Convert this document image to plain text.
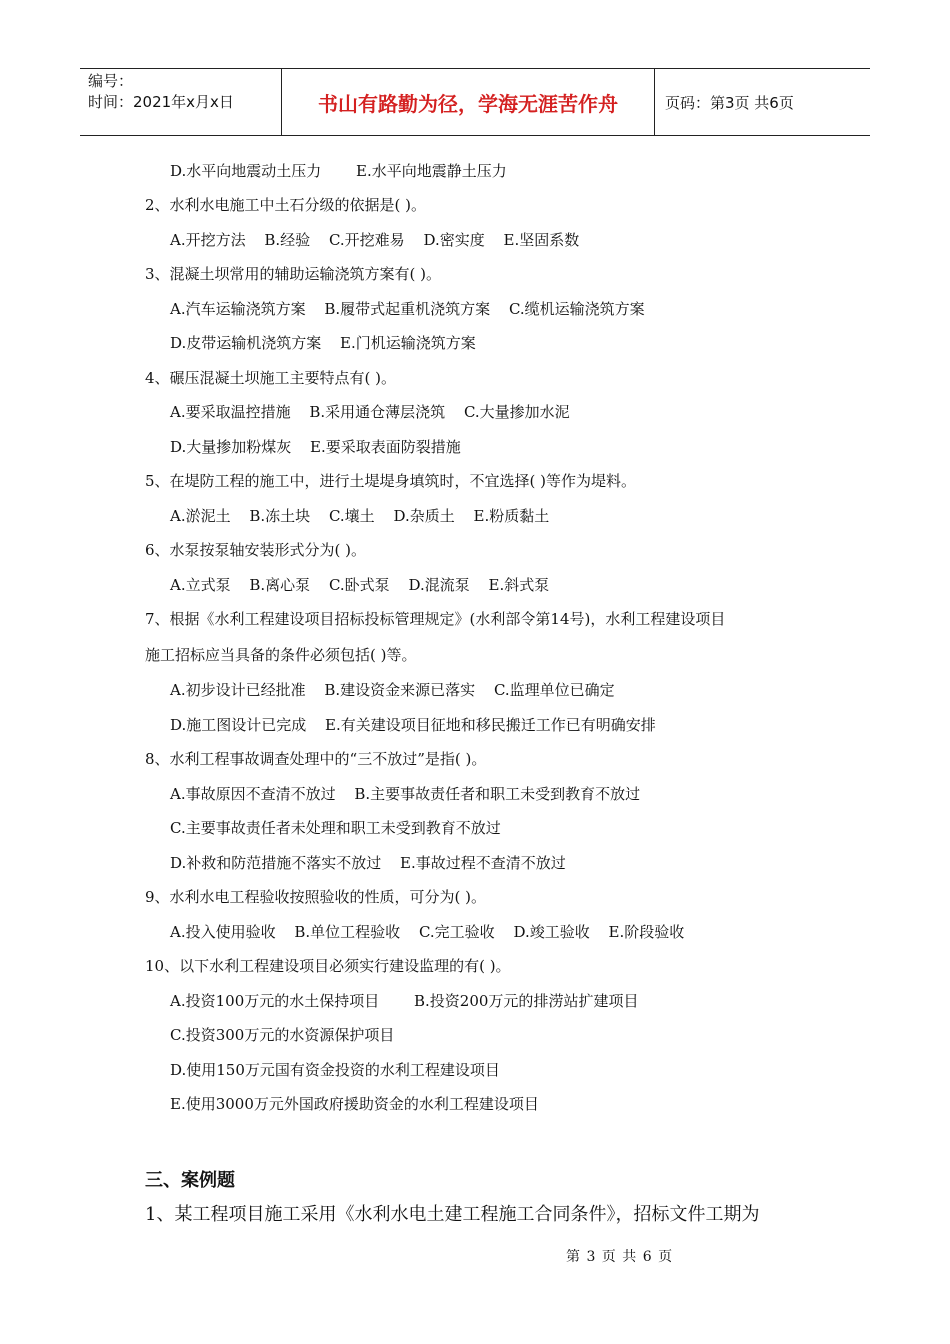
编号：
时间：2021年x月x日	书山有路勤为径，学海无涯苦作舟	页码：第3页 共6页
D.水平向地震动土压力 E.水平向地震静土压力
2、水利水电施工中土石分级的依据是( )。
A.开挖方法 B.经验 C.开挖难易 D.密实度 E.坚固系数
3、混凝土坝常用的辅助运输浇筑方案有( )。
A.汽车运输浇筑方案 B.履带式起重机浇筑方案 C.缆机运输浇筑方案
D.皮带运输机浇筑方案 E.门机运输浇筑方案
4、碾压混凝土坝施工主要特点有( )。
A.要采取温控措施 B.采用通仓薄层浇筑 C.大量掺加水泥
D.大量掺加粉煤灰 E.要采取表面防裂措施
5、在堤防工程的施工中，进行土堤堤身填筑时，不宜选择( )等作为堤料。
A.淤泥土 B.冻土块 C.壤土 D.杂质土 E.粉质黏土
6、水泵按泵轴安装形式分为( )。
A.立式泵 B.离心泵 C.卧式泵 D.混流泵 E.斜式泵
7、根据《水利工程建设项目招标投标管理规定》(水利部令第14号)，水利工程建设项目
施工招标应当具备的条件必须包括( )等。
A.初步设计已经批准 B.建设资金来源已落实 C.监理单位已确定
D.施工图设计已完成 E.有关建设项目征地和移民搬迁工作已有明确安排
8、水利工程事故调查处理中的“三不放过”是指( )。
A.事故原因不查清不放过 B.主要事故责任者和职工未受到教育不放过
C.主要事故责任者未处理和职工未受到教育不放过
D.补救和防范措施不落实不放过 E.事故过程不查清不放过
9、水利水电工程验收按照验收的性质，可分为( )。
A.投入使用验收 B.单位工程验收 C.完工验收 D.竣工验收 E.阶段验收
10、以下水利工程建设项目必须实行建设监理的有( )。
A.投资100万元的水土保持项目 B.投资200万元的排涝站扩建项目
C.投资300万元的水资源保护项目
D.使用150万元国有资金投资的水利工程建设项目
E.使用3000万元外国政府援助资金的水利工程建设项目
三、案例题
1、某工程项目施工采用《水利水电土建工程施工合同条件》，招标文件工期为
第 3 页 共 6 页
